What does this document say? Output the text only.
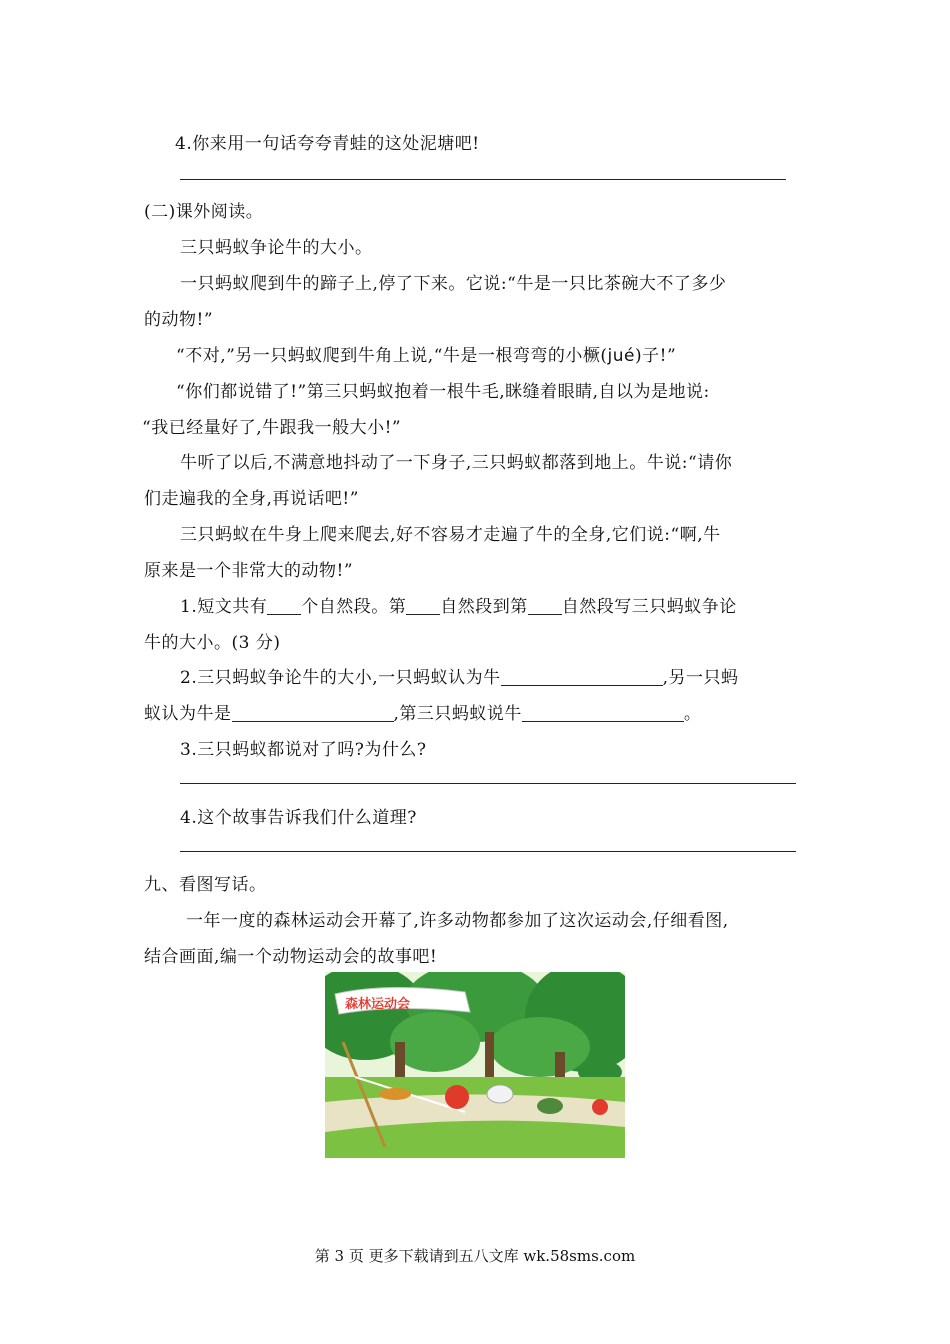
4.你来用一句话夸夸青蛙的这处泥塘吧!
(二)课外阅读。
三只蚂蚁争论牛的大小。
一只蚂蚁爬到牛的蹄子上,停了下来。它说:“牛是一只比茶碗大不了多少
的动物!”
“不对,”另一只蚂蚁爬到牛角上说,“牛是一根弯弯的小橛(jué)子!”
“你们都说错了!”第三只蚂蚁抱着一根牛毛,眯缝着眼睛,自以为是地说:
“我已经量好了,牛跟我一般大小!”
牛听了以后,不满意地抖动了一下身子,三只蚂蚁都落到地上。牛说:“请你
们走遍我的全身,再说话吧!”
三只蚂蚁在牛身上爬来爬去,好不容易才走遍了牛的全身,它们说:“啊,牛
原来是一个非常大的动物!”
1.短文共有 个自然段。第 自然段到第 自然段写三只蚂蚁争论
牛的大小。(3 分)
2.三只蚂蚁争论牛的大小,一只蚂蚁认为牛	,另一只蚂
蚁认为牛是	,第三只蚂蚁说牛	。
3.三只蚂蚁都说对了吗?为什么?
4.这个故事告诉我们什么道理?
九、看图写话。
一年一度的森林运动会开幕了,许多动物都参加了这次运动会,仔细看图,
结合画面,编一个动物运动会的故事吧!
森林运动会
第 3 页 更多下载请到五八文库 wk.58sms.com
